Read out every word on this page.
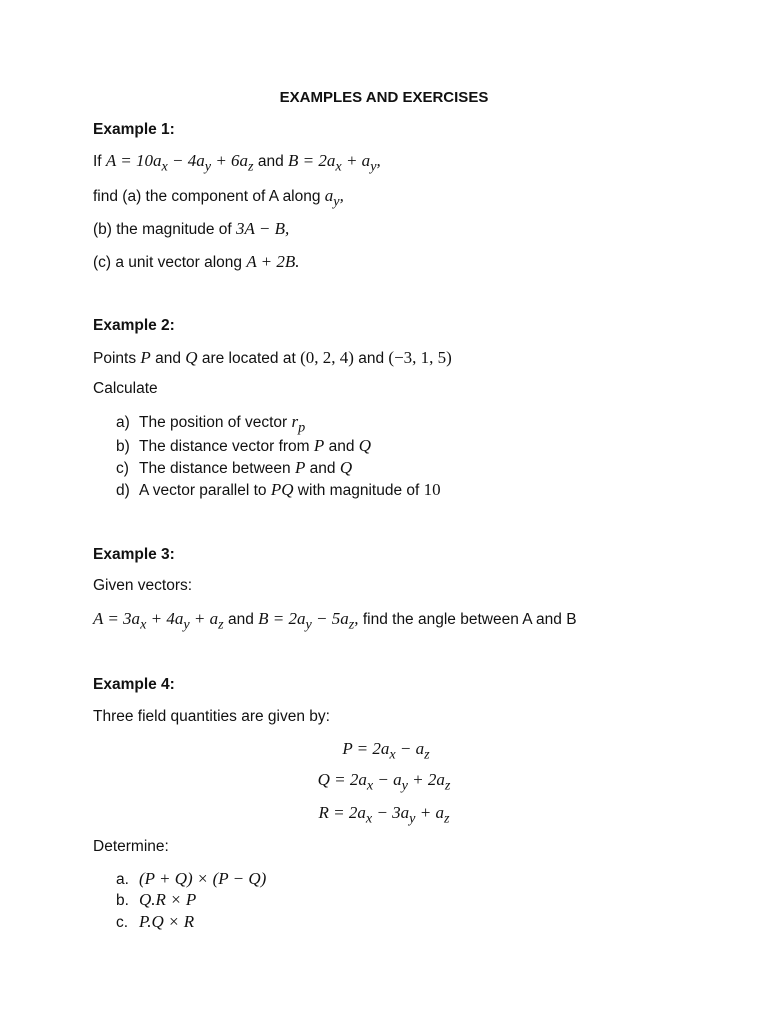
EXAMPLES AND EXERCISES
Example 1:
If $A = 10a_x - 4a_y + 6a_z$ and $B = 2a_x + a_y$,
find (a) the component of A along $a_y$,
(b) the magnitude of 3A − B,
(c) a unit vector along A + 2B.
Example 2:
Points P and Q are located at (0, 2, 4) and (−3, 1, 5)
Calculate
a) The position of vector $r_p$
b) The distance vector from P and Q
c) The distance between P and Q
d) A vector parallel to PQ with magnitude of 10
Example 3:
Given vectors:
$A = 3a_x + 4a_y + a_z$ and $B = 2a_y - 5a_z$, find the angle between A and B
Example 4:
Three field quantities are given by:
$P = 2a_x - a_z$
$Q = 2a_x - a_y + 2a_z$
$R = 2a_x - 3a_y + a_z$
Determine:
a. (P + Q) × (P − Q)
b. Q.R × P
c. P.Q × R
